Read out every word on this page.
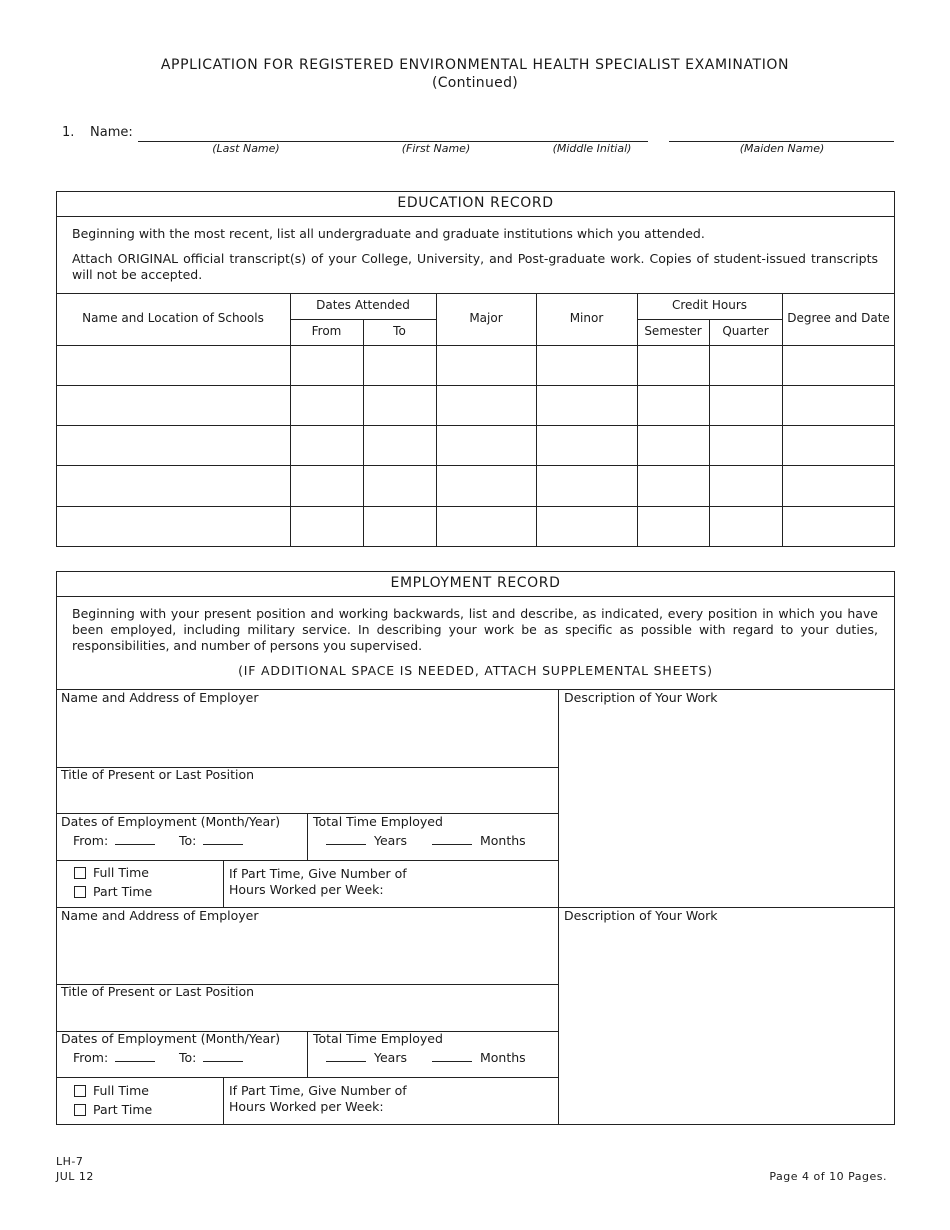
APPLICATION FOR REGISTERED ENVIRONMENTAL HEALTH SPECIALIST EXAMINATION
(Continued)
1. Name:
(Last Name)	(First Name)	(Middle Initial)	(Maiden Name)
EDUCATION RECORD
Beginning with the most recent, list all undergraduate and graduate institutions which you attended.
Attach ORIGINAL official transcript(s) of your College, University, and Post-graduate work. Copies of student-issued transcripts will not be accepted.
Name and Location of Schools
Dates Attended
From	To
Major	Minor
Credit Hours
Semester	Quarter
Degree and Date
EMPLOYMENT RECORD
Beginning with your present position and working backwards, list and describe, as indicated, every position in which you have been employed, including military service. In describing your work be as specific as possible with regard to your duties, responsibilities, and number of persons you supervised.
(IF ADDITIONAL SPACE IS NEEDED, ATTACH SUPPLEMENTAL SHEETS)
Name and Address of Employer	Description of Your Work
Title of Present or Last Position
Dates of Employment (Month/Year)
From:	To:
Total Time Employed
Years	Months
Full Time
Part Time
If Part Time, Give Number of
Hours Worked per Week:
Name and Address of Employer	Description of Your Work
Title of Present or Last Position
Dates of Employment (Month/Year)
From:	To:
Total Time Employed
Years	Months
Full Time
Part Time
If Part Time, Give Number of
Hours Worked per Week:
LH-7
JUL 12	Page 4 of 10 Pages.
